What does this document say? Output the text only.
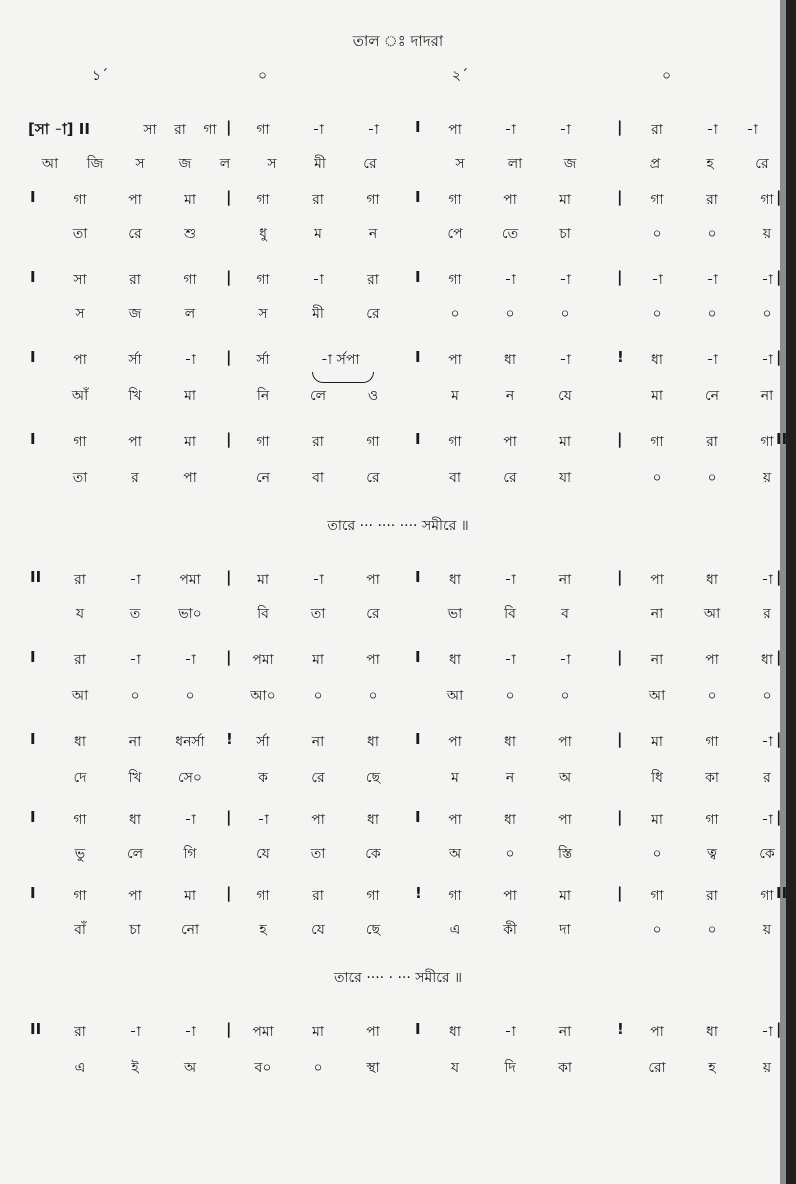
তাল ঃ দাদরা
১´	০	২´	০
[সা -া] II	|	I	|
সা	রা	গা	গা	-া	-া	পা	-া	-া	রা	-া	-া
আ	জি	স	জ	ল	স	মী	রে	স	লা	জ	প্র	হ	রে
I	|	I	|	|
গা	পা	মা	গা	রা	গা	গা	পা	মা	গা	রা	গা
তা	রে	শু	ধু	ম	ন	পে	তে	চা	০	০	য়
I	|	I	|	|
সা	রা	গা	গা	-া	রা	গা	-া	-া	-া	-া	-া
স	জ	ল	স	মী	রে	০	০	০	০	০	০
I	|	I	!	|
পা	র্সা	-া	র্সা	-া র্সপা	পা	ধা	-া	ধা	-া	-া
আঁ	খি	মা	নি	লে	ও	ম	ন	যে	মা	নে	না
I	|	I	|	II
গা	পা	মা	গা	রা	গা	গা	পা	মা	গা	রা	গা
তা	র	পা	নে	বা	রে	বা	রে	যা	০	০	য়
II	|	I	|	|
রা	-া	পমা	মা	-া	পা	ধা	-া	না	পা	ধা	-া
য	ত	ভা০	বি	তা	রে	ভা	বি	ব	না	আ	র
I	|	I	|	|
রা	-া	-া	পমা	মা	পা	ধা	-া	-া	না	পা	ধা
আ	০	০	আ০	০	০	আ	০	০	আ	০	০
I	!	I	|	|
ধা	না	ধনর্সা	র্সা	না	ধা	পা	ধা	পা	মা	গা	-া
দে	খি	সে০	ক	রে	ছে	ম	ন	অ	ধি	কা	র
I	|	I	|	|
গা	ধা	-া	-া	পা	ধা	পা	ধা	পা	মা	গা	-া
ভু	লে	গি	যে	তা	কে	অ	০	স্তি	০	ত্ব	কে
I	|	!	|	II
গা	পা	মা	গা	রা	গা	গা	পা	মা	গা	রা	গা
বাঁ	চা	নো	হ	যে	ছে	এ	কী	দা	০	০	য়
II	|	I	!	|
রা	-া	-া	পমা	মা	পা	ধা	-া	না	পা	ধা	-া
এ	ই	অ	ব০	০	স্থা	য	দি	কা	রো	হ	য়
তারে ··· ···· ···· সমীরে ॥
তারে ···· · ··· সমীরে ॥
